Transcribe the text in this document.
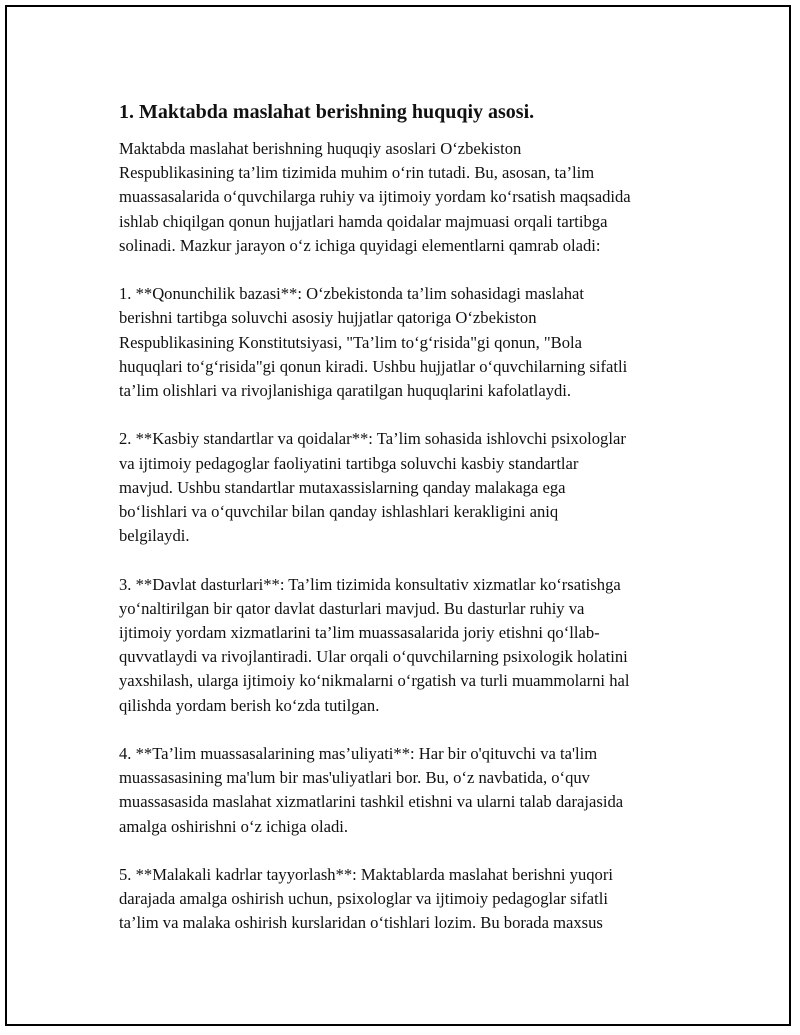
1. Maktabda maslahat berishning huquqiy asosi.
Maktabda maslahat berishning huquqiy asoslari O‘zbekiston
Respublikasining ta’lim tizimida muhim o‘rin tutadi. Bu, asosan, ta’lim
muassasalarida o‘quvchilarga ruhiy va ijtimoiy yordam ko‘rsatish maqsadida
ishlab chiqilgan qonun hujjatlari hamda qoidalar majmuasi orqali tartibga
solinadi. Mazkur jarayon o‘z ichiga quyidagi elementlarni qamrab oladi:
1. **Qonunchilik bazasi**: O‘zbekistonda ta’lim sohasidagi maslahat
berishni tartibga soluvchi asosiy hujjatlar qatoriga O‘zbekiston
Respublikasining Konstitutsiyasi, "Ta’lim to‘g‘risida"gi qonun, "Bola
huquqlari to‘g‘risida"gi qonun kiradi. Ushbu hujjatlar o‘quvchilarning sifatli
ta’lim olishlari va rivojlanishiga qaratilgan huquqlarini kafolatlaydi.
2. **Kasbiy standartlar va qoidalar**: Ta’lim sohasida ishlovchi psixologlar
va ijtimoiy pedagoglar faoliyatini tartibga soluvchi kasbiy standartlar
mavjud. Ushbu standartlar mutaxassislarning qanday malakaga ega
bo‘lishlari va o‘quvchilar bilan qanday ishlashlari kerakligini aniq
belgilaydi.
3. **Davlat dasturlari**: Ta’lim tizimida konsultativ xizmatlar ko‘rsatishga
yo‘naltirilgan bir qator davlat dasturlari mavjud. Bu dasturlar ruhiy va
ijtimoiy yordam xizmatlarini ta’lim muassasalarida joriy etishni qo‘llab-
quvvatlaydi va rivojlantiradi. Ular orqali o‘quvchilarning psixologik holatini
yaxshilash, ularga ijtimoiy ko‘nikmalarni o‘rgatish va turli muammolarni hal
qilishda yordam berish ko‘zda tutilgan.
4. **Ta’lim muassasalarining mas’uliyati**: Har bir o'qituvchi va ta'lim
muassasasining ma'lum bir mas'uliyatlari bor. Bu, o‘z navbatida, o‘quv
muassasasida maslahat xizmatlarini tashkil etishni va ularni talab darajasida
amalga oshirishni o‘z ichiga oladi.
5. **Malakali kadrlar tayyorlash**: Maktablarda maslahat berishni yuqori
darajada amalga oshirish uchun, psixologlar va ijtimoiy pedagoglar sifatli
ta’lim va malaka oshirish kurslaridan o‘tishlari lozim. Bu borada maxsus
